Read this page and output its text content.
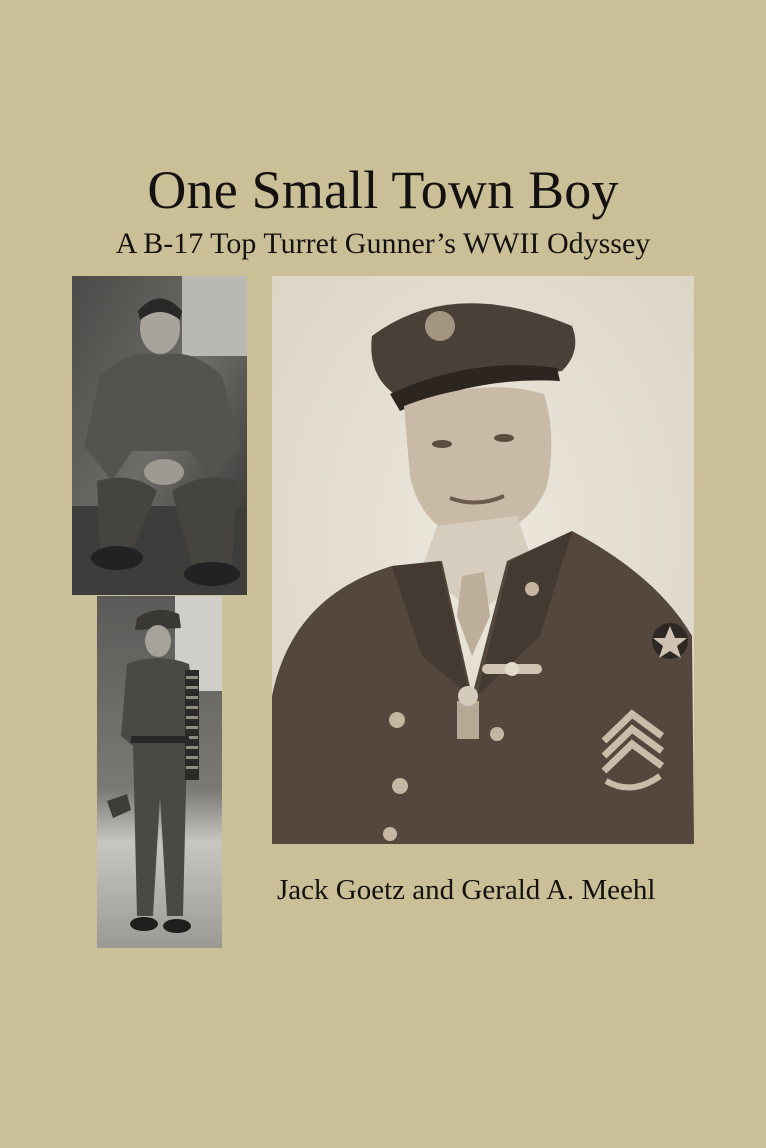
One Small Town Boy
A B-17 Top Turret Gunner’s WWII Odyssey
Jack Goetz and Gerald A. Meehl
